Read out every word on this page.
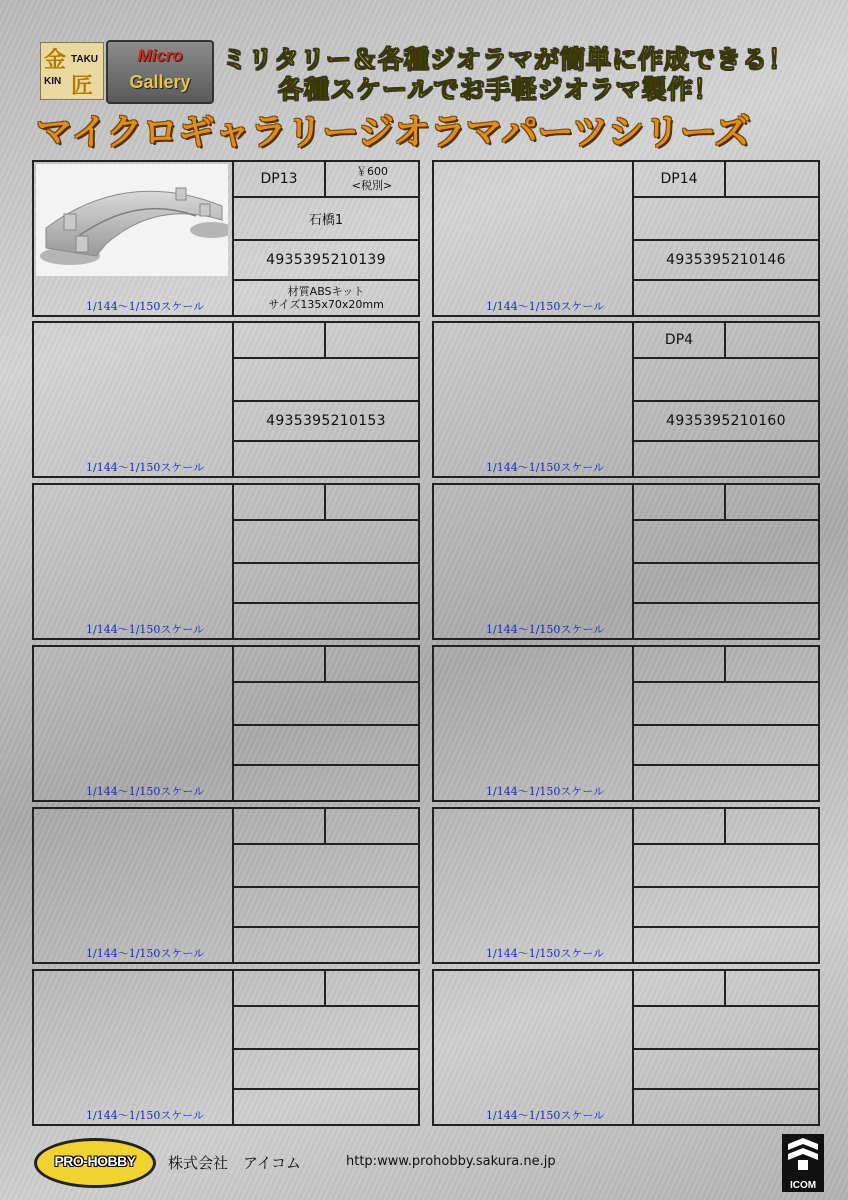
金 TAKU
KIN 匠
Micro
Gallery
ミリタリー＆各種ジオラマが簡単に作成できる！
各種スケールでお手軽ジオラマ製作！
マイクロギャラリージオラマパーツシリーズ
1/144～1/150スケール
DP13	￥600
<税別>
石橋1
4935395210139
材質ABSキット
サイズ135x70x20mm	1/144～1/150スケール
DP14
4935395210146
1/144～1/150スケール
4935395210153
1/144～1/150スケール
DP4
4935395210160
1/144～1/150スケール	1/144～1/150スケール
1/144～1/150スケール	1/144～1/150スケール
1/144～1/150スケール	1/144～1/150スケール
1/144～1/150スケール	1/144～1/150スケール
PRO-HOBBY	株式会社　アイコム	http:www.prohobby.sakura.ne.jp
ICOM
